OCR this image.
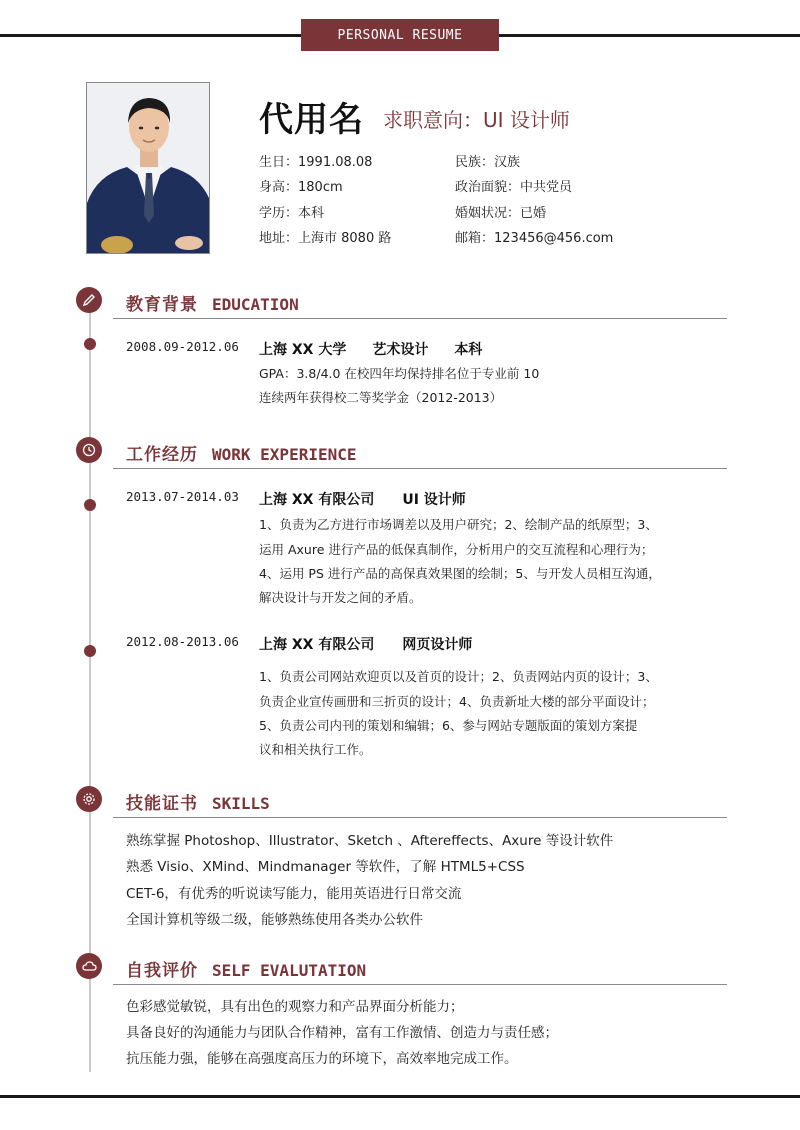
PERSONAL RESUME
代用名 求职意向：UI 设计师
生日：1991.08.08	民族：汉族
身高：180cm	政治面貌：中共党员
学历：本科	婚姻状况：已婚
地址：上海市 8080 路	邮箱：123456@456.com
教育背景 EDUCATION
2008.09-2012.06 上海 XX 大学 艺术设计 本科
GPA：3.8/4.0 在校四年均保持排名位于专业前 10
连续两年获得校二等奖学金（2012-2013）
工作经历 WORK EXPERIENCE
2013.07-2014.03 上海 XX 有限公司 UI 设计师
1、负责为乙方进行市场调差以及用户研究；2、绘制产品的纸原型；3、
运用 Axure 进行产品的低保真制作，分析用户的交互流程和心理行为；
4、运用 PS 进行产品的高保真效果图的绘制；5、与开发人员相互沟通，
解决设计与开发之间的矛盾。
2012.08-2013.06 上海 XX 有限公司 网页设计师
1、负责公司网站欢迎页以及首页的设计；2、负责网站内页的设计；3、
负责企业宣传画册和三折页的设计；4、负责新址大楼的部分平面设计；
5、负责公司内刊的策划和编辑；6、参与网站专题版面的策划方案提
议和相关执行工作。
技能证书 SKILLS
熟练掌握 Photoshop、Illustrator、Sketch 、Aftereffects、Axure 等设计软件
熟悉 Visio、XMind、Mindmanager 等软件，了解 HTML5+CSS
CET-6，有优秀的听说读写能力，能用英语进行日常交流
全国计算机等级二级，能够熟练使用各类办公软件
自我评价 SELF EVALUTATION
色彩感觉敏锐，具有出色的观察力和产品界面分析能力；
具备良好的沟通能力与团队合作精神，富有工作激情、创造力与责任感；
抗压能力强，能够在高强度高压力的环境下，高效率地完成工作。
